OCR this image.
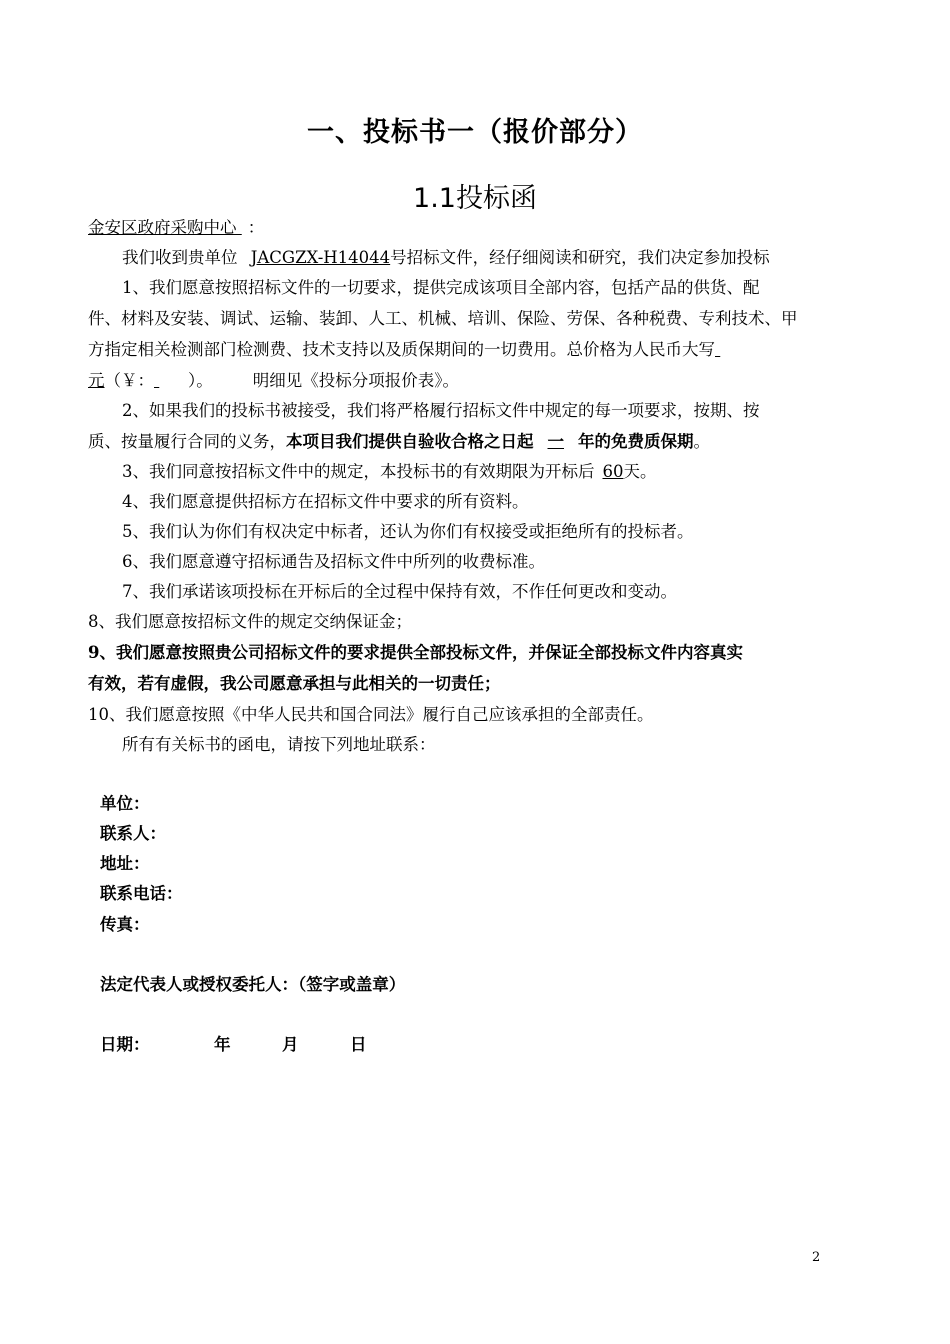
一、投标书一（报价部分）
1.1投标函
金安区政府采购中心 ：
我们收到贵单位 JACGZX-H14044号招标文件，经仔细阅读和研究，我们决定参加投标
1、我们愿意按照招标文件的一切要求，提供完成该项目全部内容，包括产品的供货、配
件、材料及安装、调试、运输、装卸、人工、机械、培训、保险、劳保、各种税费、专利技术、甲
方指定相关检测部门检测费、技术支持以及质保期间的一切费用。总价格为人民币大写
元（￥： ）。 明细见《投标分项报价表》。
2、如果我们的投标书被接受，我们将严格履行招标文件中规定的每一项要求，按期、按
质、按量履行合同的义务，本项目我们提供自验收合格之日起 一 年的免费质保期。
3、我们同意按招标文件中的规定，本投标书的有效期限为开标后 60天。
4、我们愿意提供招标方在招标文件中要求的所有资料。
5、我们认为你们有权决定中标者，还认为你们有权接受或拒绝所有的投标者。
6、我们愿意遵守招标通告及招标文件中所列的收费标准。
7、我们承诺该项投标在开标后的全过程中保持有效，不作任何更改和变动。
8、我们愿意按招标文件的规定交纳保证金；
9、我们愿意按照贵公司招标文件的要求提供全部投标文件，并保证全部投标文件内容真实
有效，若有虚假，我公司愿意承担与此相关的一切责任；
10、我们愿意按照《中华人民共和国合同法》履行自己应该承担的全部责任。
所有有关标书的函电，请按下列地址联系：
单位：
联系人：
地址：
联系电话：
传真：
法定代表人或授权委托人：（签字或盖章）
日期：	年	月	日
2
